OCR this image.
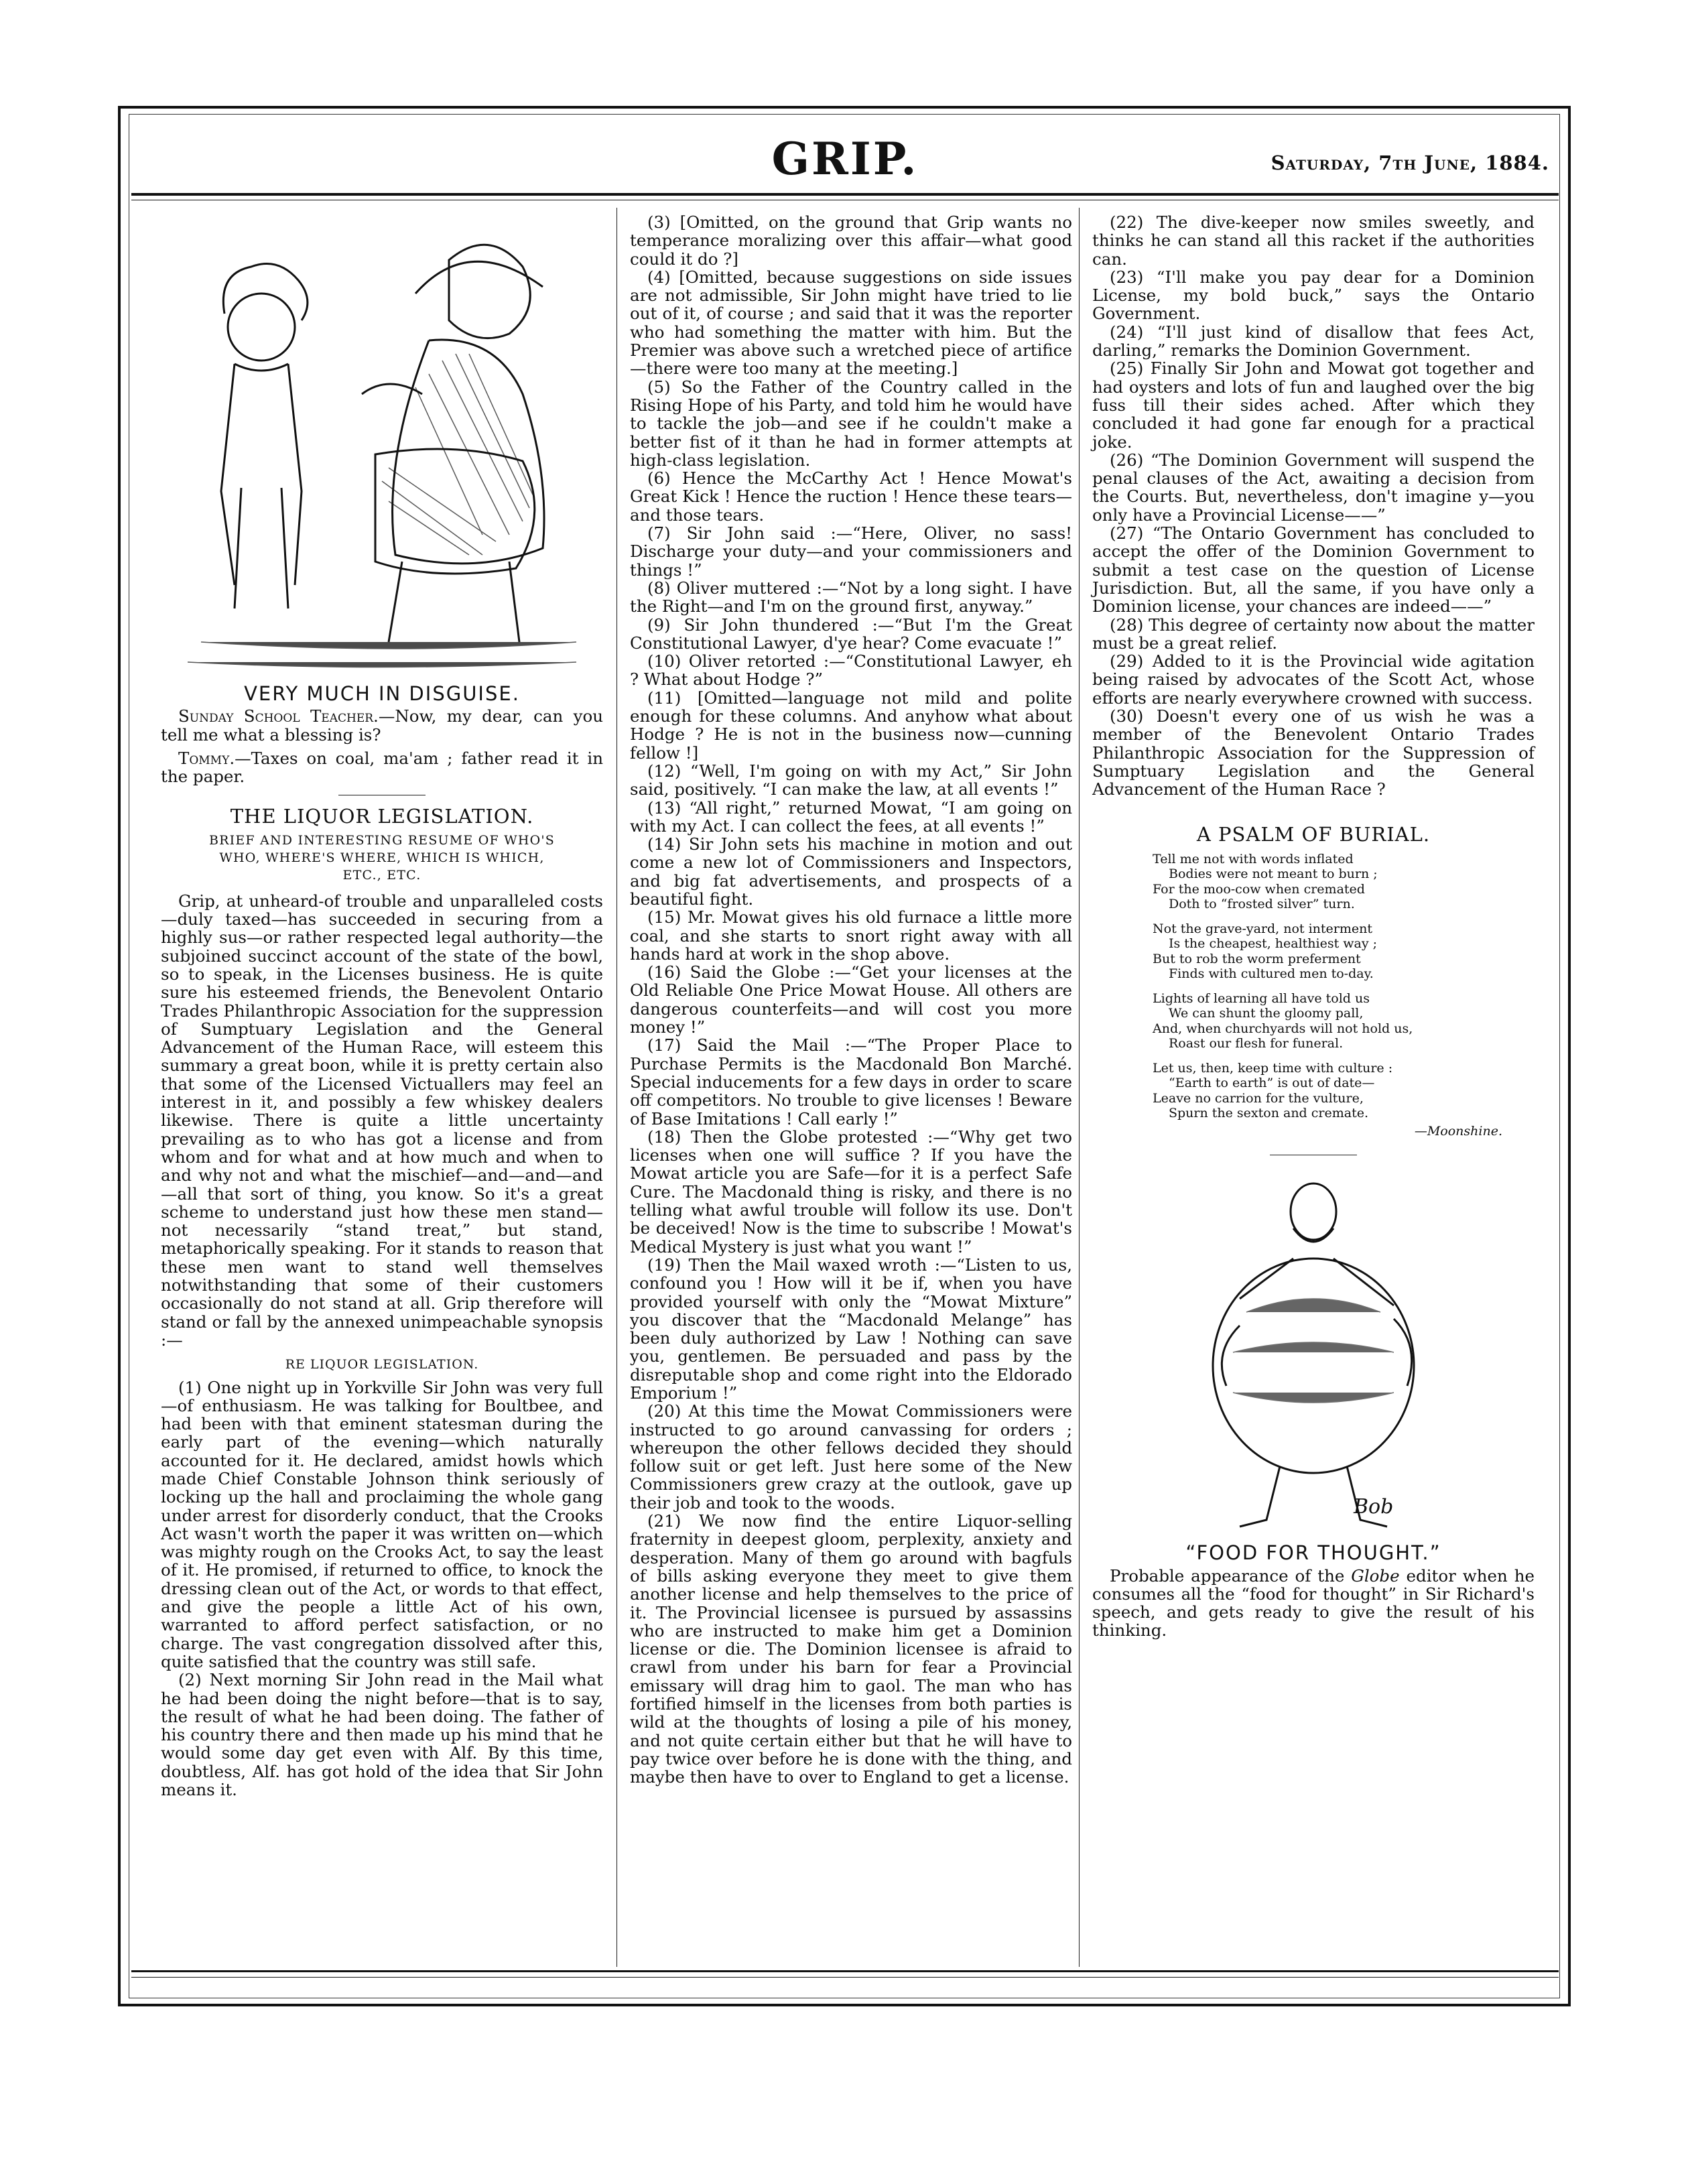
GRIP.	Saturday, 7th June, 1884.
VERY MUCH IN DISGUISE.

Sunday School Teacher.—Now, my dear, can you tell me what a blessing is?

Tommy.—Taxes on coal, ma'am ; father read it in the paper.

THE LIQUOR LEGISLATION.
BRIEF AND INTERESTING RESUME OF WHO'S WHO, WHERE'S WHERE, WHICH IS WHICH, ETC., ETC.

Grip, at unheard-of trouble and unparalleled costs—duly taxed—has succeeded in securing from a highly sus—or rather respected legal authority—the subjoined succinct account of the state of the bowl, so to speak, in the Licenses business. He is quite sure his esteemed friends, the Benevolent Ontario Trades Philanthropic Association for the suppression of Sumptuary Legislation and the General Advancement of the Human Race, will esteem this summary a great boon, while it is pretty certain also that some of the Licensed Victuallers may feel an interest in it, and possibly a few whiskey dealers likewise. There is quite a little uncertainty prevailing as to who has got a license and from whom and for what and at how much and when to and why not and what the mischief—and—and—and—all that sort of thing, you know. So it's a great scheme to understand just how these men stand—not necessarily “stand treat,” but stand, metaphorically speaking. For it stands to reason that these men want to stand well themselves notwithstanding that some of their customers occasionally do not stand at all. Grip therefore will stand or fall by the annexed unimpeachable synopsis :—

RE LIQUOR LEGISLATION.

(1) One night up in Yorkville Sir John was very full—of enthusiasm. He was talking for Boultbee, and had been with that eminent statesman during the early part of the evening—which naturally accounted for it. He declared, amidst howls which made Chief Constable Johnson think seriously of locking up the hall and proclaiming the whole gang under arrest for disorderly conduct, that the Crooks Act wasn't worth the paper it was written on—which was mighty rough on the Crooks Act, to say the least of it. He promised, if returned to office, to knock the dressing clean out of the Act, or words to that effect, and give the people a little Act of his own, warranted to afford perfect satisfaction, or no charge. The vast congregation dissolved after this, quite satisfied that the country was still safe.

(2) Next morning Sir John read in the Mail what he had been doing the night before—that is to say, the result of what he had been doing. The father of his country there and then made up his mind that he would some day get even with Alf. By this time, doubtless, Alf. has got hold of the idea that Sir John means it.

(3) [Omitted, on the ground that Grip wants no temperance moralizing over this affair—what good could it do ?]

(4) [Omitted, because suggestions on side issues are not admissible, Sir John might have tried to lie out of it, of course ; and said that it was the reporter who had something the matter with him. But the Premier was above such a wretched piece of artifice—there were too many at the meeting.]

(5) So the Father of the Country called in the Rising Hope of his Party, and told him he would have to tackle the job—and see if he couldn't make a better fist of it than he had in former attempts at high-class legislation.

(6) Hence the McCarthy Act ! Hence Mowat's Great Kick ! Hence the ruction ! Hence these tears—and those tears.

(7) Sir John said :—“Here, Oliver, no sass! Discharge your duty—and your commissioners and things !”

(8) Oliver muttered :—“Not by a long sight. I have the Right—and I'm on the ground first, anyway.”

(9) Sir John thundered :—“But I'm the Great Constitutional Lawyer, d'ye hear? Come evacuate !”

(10) Oliver retorted :—“Constitutional Lawyer, eh ? What about Hodge ?”

(11) [Omitted—language not mild and polite enough for these columns. And anyhow what about Hodge ? He is not in the business now—cunning fellow !]

(12) “Well, I'm going on with my Act,” Sir John said, positively. “I can make the law, at all events !”

(13) “All right,” returned Mowat, “I am going on with my Act. I can collect the fees, at all events !”

(14) Sir John sets his machine in motion and out come a new lot of Commissioners and Inspectors, and big fat advertisements, and prospects of a beautiful fight.

(15) Mr. Mowat gives his old furnace a little more coal, and she starts to snort right away with all hands hard at work in the shop above.

(16) Said the Globe :—“Get your licenses at the Old Reliable One Price Mowat House. All others are dangerous counterfeits—and will cost you more money !”

(17) Said the Mail :—“The Proper Place to Purchase Permits is the Macdonald Bon Marché. Special inducements for a few days in order to scare off competitors. No trouble to give licenses ! Beware of Base Imitations ! Call early !”

(18) Then the Globe protested :—“Why get two licenses when one will suffice ? If you have the Mowat article you are Safe—for it is a perfect Safe Cure. The Macdonald thing is risky, and there is no telling what awful trouble will follow its use. Don't be deceived! Now is the time to subscribe ! Mowat's Medical Mystery is just what you want !”

(19) Then the Mail waxed wroth :—“Listen to us, confound you ! How will it be if, when you have provided yourself with only the “Mowat Mixture” you discover that the “Macdonald Melange” has been duly authorized by Law ! Nothing can save you, gentlemen. Be persuaded and pass by the disreputable shop and come right into the Eldorado Emporium !”

(20) At this time the Mowat Commissioners were instructed to go around canvassing for orders ; whereupon the other fellows decided they should follow suit or get left. Just here some of the New Commissioners grew crazy at the outlook, gave up their job and took to the woods.

(21) We now find the entire Liquor-selling fraternity in deepest gloom, perplexity, anxiety and desperation. Many of them go around with bagfuls of bills asking everyone they meet to give them another license and help themselves to the price of it. The Provincial licensee is pursued by assassins who are instructed to make him get a Dominion license or die. The Dominion licensee is afraid to crawl from under his barn for fear a Provincial emissary will drag him to gaol. The man who has fortified himself in the licenses from both parties is wild at the thoughts of losing a pile of his money, and not quite certain either but that he will have to pay twice over before he is done with the thing, and maybe then have to over to England to get a license.

(22) The dive-keeper now smiles sweetly, and thinks he can stand all this racket if the authorities can.

(23) “I'll make you pay dear for a Dominion License, my bold buck,” says the Ontario Government.

(24) “I'll just kind of disallow that fees Act, darling,” remarks the Dominion Government.

(25) Finally Sir John and Mowat got together and had oysters and lots of fun and laughed over the big fuss till their sides ached. After which they concluded it had gone far enough for a practical joke.

(26) “The Dominion Government will suspend the penal clauses of the Act, awaiting a decision from the Courts. But, nevertheless, don't imagine y—you only have a Provincial License——”

(27) “The Ontario Government has concluded to accept the offer of the Dominion Government to submit a test case on the question of License Jurisdiction. But, all the same, if you have only a Dominion license, your chances are indeed——”

(28) This degree of certainty now about the matter must be a great relief.

(29) Added to it is the Provincial wide agitation being raised by advocates of the Scott Act, whose efforts are nearly everywhere crowned with success.

(30) Doesn't every one of us wish he was a member of the Benevolent Ontario Trades Philanthropic Association for the Suppression of Sumptuary Legislation and the General Advancement of the Human Race ?

A PSALM OF BURIAL.
Tell me not with words inflated
Bodies were not meant to burn ;
For the moo-cow when cremated
Doth to “frosted silver” turn.
Not the grave-yard, not interment
Is the cheapest, healthiest way ;
But to rob the worm preferment
Finds with cultured men to-day.
Lights of learning all have told us
We can shunt the gloomy pall,
And, when churchyards will not hold us,
Roast our flesh for funeral.
Let us, then, keep time with culture :
“Earth to earth” is out of date—
Leave no carrion for the vulture,
Spurn the sexton and cremate.
—Moonshine.
Bob
“FOOD FOR THOUGHT.”

Probable appearance of the Globe editor when he consumes all the “food for thought” in Sir Richard's speech, and gets ready to give the result of his thinking.
